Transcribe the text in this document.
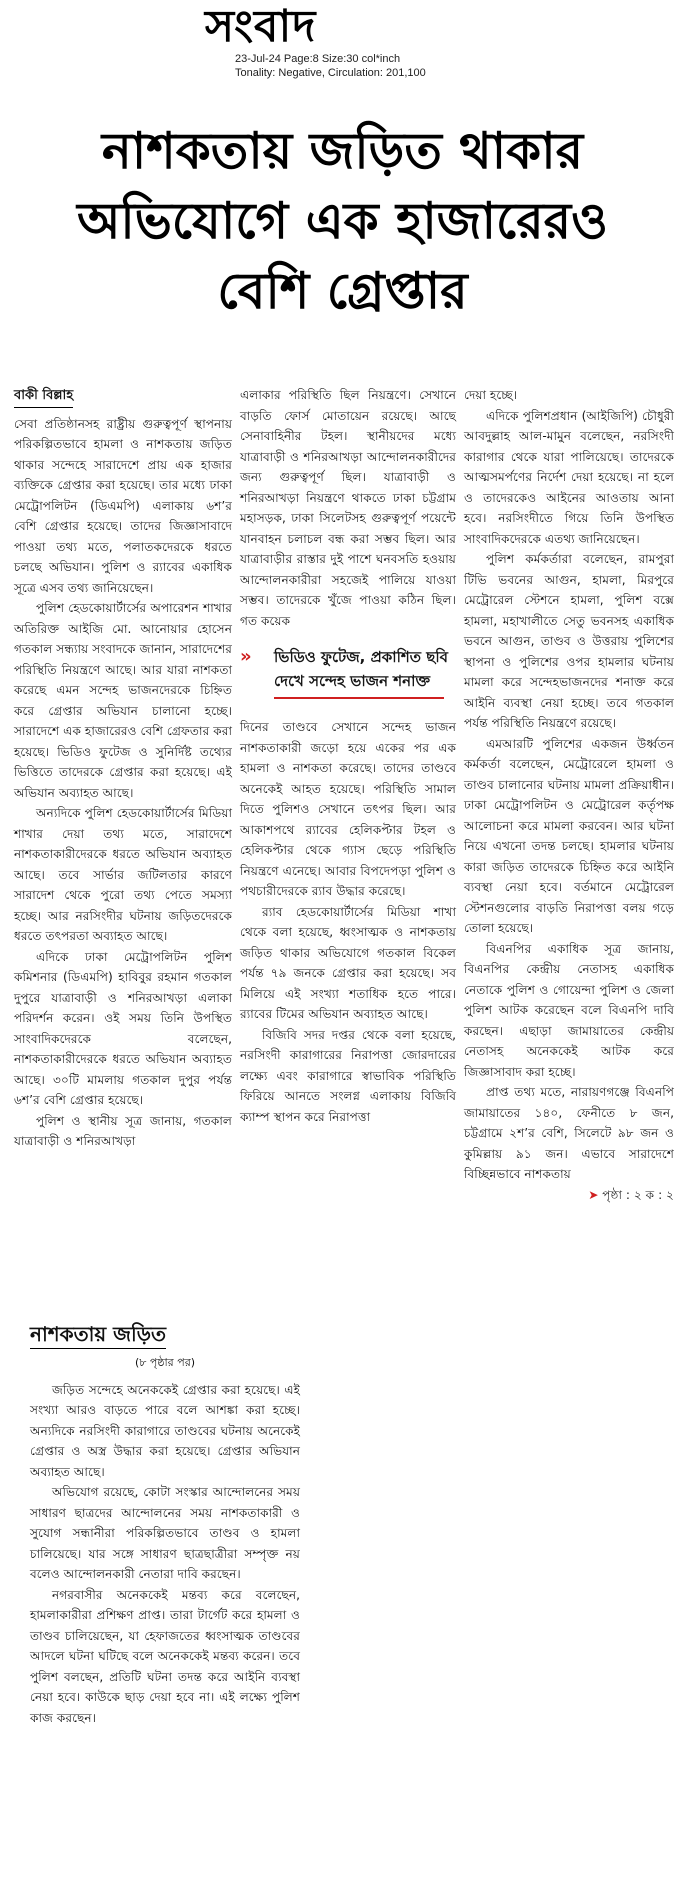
সংবাদ
23-Jul-24 Page:8 Size:30 col*inch
Tonality: Negative, Circulation: 201,100
নাশকতায় জড়িত থাকার
অভিযোগে এক হাজারেরও
বেশি গ্রেপ্তার
বাকী বিল্লাহ

সেবা প্রতিষ্ঠানসহ রাষ্ট্রীয় গুরুত্বপূর্ণ স্থাপনায় পরিকল্পিতভাবে হামলা ও নাশকতায় জড়িত থাকার সন্দেহে সারাদেশে প্রায় এক হাজার ব্যক্তিকে গ্রেপ্তার করা হয়েছে। তার মধ্যে ঢাকা মেট্রোপলিটন (ডিএমপি) এলাকায় ৬শ’র বেশি গ্রেপ্তার হয়েছে। তাদের জিজ্ঞাসাবাদে পাওয়া তথ্য মতে, পলাতকদেরকে ধরতে চলছে অভিযান। পুলিশ ও র‌্যাবের একাধিক সূত্রে এসব তথ্য জানিয়েছেন।

পুলিশ হেডকোয়ার্টার্সের অপারেশন শাখার অতিরিক্ত আইজি মো. আনোয়ার হোসেন গতকাল সন্ধ্যায় সংবাদকে জানান, সারাদেশের পরিস্থিতি নিয়ন্ত্রণে আছে। আর যারা নাশকতা করেছে এমন সন্দেহ ভাজনদেরকে চিহ্নিত করে গ্রেপ্তার অভিযান চালানো হচ্ছে। সারাদেশে এক হাজারেরও বেশি গ্রেফতার করা হয়েছে। ভিডিও ফুটেজ ও সুনির্দিষ্ট তথ্যের ভিত্তিতে তাদেরকে গ্রেপ্তার করা হয়েছে। এই অভিযান অব্যাহত আছে।

অন্যদিকে পুলিশ হেডকোয়ার্টার্সের মিডিয়া শাখার দেয়া তথ্য মতে, সারাদেশে নাশকতাকারীদেরকে ধরতে অভিযান অব্যাহত আছে। তবে সার্ভার জটিলতার কারণে সারাদেশ থেকে পুরো তথ্য পেতে সমস্যা হচ্ছে। আর নরসিংদীর ঘটনায় জড়িতদেরকে ধরতে তৎপরতা অব্যাহত আছে।

এদিকে ঢাকা মেট্রোপলিটন পুলিশ কমিশনার (ডিএমপি) হাবিবুর রহমান গতকাল দুপুরে যাত্রাবাড়ী ও শনিরআখড়া এলাকা পরিদর্শন করেন। ওই সময় তিনি উপস্থিত সাংবাদিকদেরকে বলেছেন, নাশকতাকারীদেরকে ধরতে অভিযান অব্যাহত আছে। ৩০টি মামলায় গতকাল দুপুর পর্যন্ত ৬শ’র বেশি গ্রেপ্তার হয়েছে।

পুলিশ ও স্থানীয় সূত্র জানায়, গতকাল যাত্রাবাড়ী ও শনিরআখড়া

এলাকার পরিস্থিতি ছিল নিয়ন্ত্রণে। সেখানে বাড়তি ফোর্স মোতায়েন রয়েছে। আছে সেনাবাহিনীর টহল। স্থানীয়দের মধ্যে যাত্রাবাড়ী ও শনিরআখড়া আন্দোলনকারীদের জন্য গুরুত্বপূর্ণ ছিল। যাত্রাবাড়ী ও শনিরআখড়া নিয়ন্ত্রণে থাকতে ঢাকা চট্টগ্রাম মহাসড়ক, ঢাকা সিলেটসহ গুরুত্বপূর্ণ পয়েন্টে যানবাহন চলাচল বন্ধ করা সম্ভব ছিল। আর যাত্রাবাড়ীর রাস্তার দুই পাশে ঘনবসতি হওয়ায় আন্দোলনকারীরা সহজেই পালিয়ে যাওয়া সম্ভব। তাদেরকে খুঁজে পাওয়া কঠিন ছিল। গত কয়েক

» ভিডিও ফুটেজ, প্রকাশিত ছবি দেখে সন্দেহ ভাজন শনাক্ত

দিনের তাণ্ডবে সেখানে সন্দেহ ভাজন নাশকতাকারী জড়ো হয়ে একের পর এক হামলা ও নাশকতা করেছে। তাদের তাণ্ডবে অনেকেই আহত হয়েছে। পরিস্থিতি সামাল দিতে পুলিশও সেখানে তৎপর ছিল। আর আকাশপথে র‌্যাবের হেলিকপ্টার টহল ও হেলিকপ্টার থেকে গ্যাস ছেড়ে পরিস্থিতি নিয়ন্ত্রণে এনেছে। আবার বিপদেপড়া পুলিশ ও পথচারীদেরকে র‌্যাব উদ্ধার করেছে।

র‌্যাব হেডকোয়ার্টার্সের মিডিয়া শাখা থেকে বলা হয়েছে, ধ্বংসাত্মক ও নাশকতায় জড়িত থাকার অভিযোগে গতকাল বিকেল পর্যন্ত ৭৯ জনকে গ্রেপ্তার করা হয়েছে। সব মিলিয়ে এই সংখ্যা শতাধিক হতে পারে। র‌্যাবের টিমের অভিযান অব্যাহত আছে।

বিজিবি সদর দপ্তর থেকে বলা হয়েছে, নরসিংদী কারাগারের নিরাপত্তা জোরদারের লক্ষ্যে এবং কারাগারে স্বাভাবিক পরিস্থিতি ফিরিয়ে আনতে সংলগ্ন এলাকায় বিজিবি ক্যাম্প স্থাপন করে নিরাপত্তা

দেয়া হচ্ছে।

এদিকে পুলিশপ্রধান (আইজিপি) চৌধুরী আবদুল্লাহ আল-মামুন বলেছেন, নরসিংদী কারাগার থেকে যারা পালিয়েছে। তাদেরকে আত্মসমর্পণের নির্দেশ দেয়া হয়েছে। না হলে ও তাদেরকেও আইনের আওতায় আনা হবে। নরসিংদীতে গিয়ে তিনি উপস্থিত সাংবাদিকদেরকে এতথ্য জানিয়েছেন।

পুলিশ কর্মকর্তারা বলেছেন, রামপুরা টিভি ভবনের আগুন, হামলা, মিরপুরে মেট্রোরেল স্টেশনে হামলা, পুলিশ বক্সে হামলা, মহাখালীতে সেতু ভবনসহ একাধিক ভবনে আগুন, তাণ্ডব ও উত্তরায় পুলিশের স্থাপনা ও পুলিশের ওপর হামলার ঘটনায় মামলা করে সন্দেহভাজনদের শনাক্ত করে আইনি ব্যবস্থা নেয়া হচ্ছে। তবে গতকাল পর্যন্ত পরিস্থিতি নিয়ন্ত্রণে রয়েছে।

এমআরটি পুলিশের একজন উর্ধ্বতন কর্মকর্তা বলেছেন, মেট্রোরেলে হামলা ও তাণ্ডব চালানোর ঘটনায় মামলা প্রক্রিয়াধীন। ঢাকা মেট্রোপলিটন ও মেট্রোরেল কর্তৃপক্ষ আলোচনা করে মামলা করবেন। আর ঘটনা নিয়ে এখনো তদন্ত চলছে। হামলার ঘটনায় কারা জড়িত তাদেরকে চিহ্নিত করে আইনি ব্যবস্থা নেয়া হবে। বর্তমানে মেট্রোরেল স্টেশনগুলোর বাড়তি নিরাপত্তা বলয় গড়ে তোলা হয়েছে।

বিএনপির একাধিক সূত্র জানায়, বিএনপির কেন্দ্রীয় নেতাসহ একাধিক নেতাকে পুলিশ ও গোয়েন্দা পুলিশ ও জেলা পুলিশ আটক করেছেন বলে বিএনপি দাবি করছেন। এছাড়া জামায়াতের কেন্দ্রীয় নেতাসহ অনেককেই আটক করে জিজ্ঞাসাবাদ করা হচ্ছে।

প্রাপ্ত তথ্য মতে, নারায়ণগঞ্জে বিএনপি জামায়াতের ১৪০, ফেনীতে ৮ জন, চট্টগ্রামে ২শ’র বেশি, সিলেটে ৯৮ জন ও কুমিল্লায় ৯১ জন। এভাবে সারাদেশে বিচ্ছিন্নভাবে নাশকতায়

➤ পৃষ্ঠা : ২ ক : ২
নাশকতায় জড়িত
(৮ পৃষ্ঠার পর)

জড়িত সন্দেহে অনেককেই গ্রেপ্তার করা হয়েছে। এই সংখ্যা আরও বাড়তে পারে বলে আশঙ্কা করা হচ্ছে। অন্যদিকে নরসিংদী কারাগারে তাণ্ডবের ঘটনায় অনেকেই গ্রেপ্তার ও অস্ত্র উদ্ধার করা হয়েছে। গ্রেপ্তার অভিযান অব্যাহত আছে।

অভিযোগ রয়েছে, কোটা সংস্কার আন্দোলনের সময় সাধারণ ছাত্রদের আন্দোলনের সময় নাশকতাকারী ও সুযোগ সন্ধানীরা পরিকল্পিতভাবে তাণ্ডব ও হামলা চালিয়েছে। যার সঙ্গে সাধারণ ছাত্রছাত্রীরা সম্পৃক্ত নয় বলেও আন্দোলনকারী নেতারা দাবি করছেন।

নগরবাসীর অনেককেই মন্তব্য করে বলেছেন, হামলাকারীরা প্রশিক্ষণ প্রাপ্ত। তারা টার্গেট করে হামলা ও তাণ্ডব চালিয়েছেন, যা হেফাজতের ধ্বংসাত্মক তাণ্ডবের আদলে ঘটনা ঘটিছে বলে অনেককেই মন্তব্য করেন। তবে পুলিশ বলছেন, প্রতিটি ঘটনা তদন্ত করে আইনি ব্যবস্থা নেয়া হবে। কাউকে ছাড় দেয়া হবে না। এই লক্ষ্যে পুলিশ কাজ করছেন।
